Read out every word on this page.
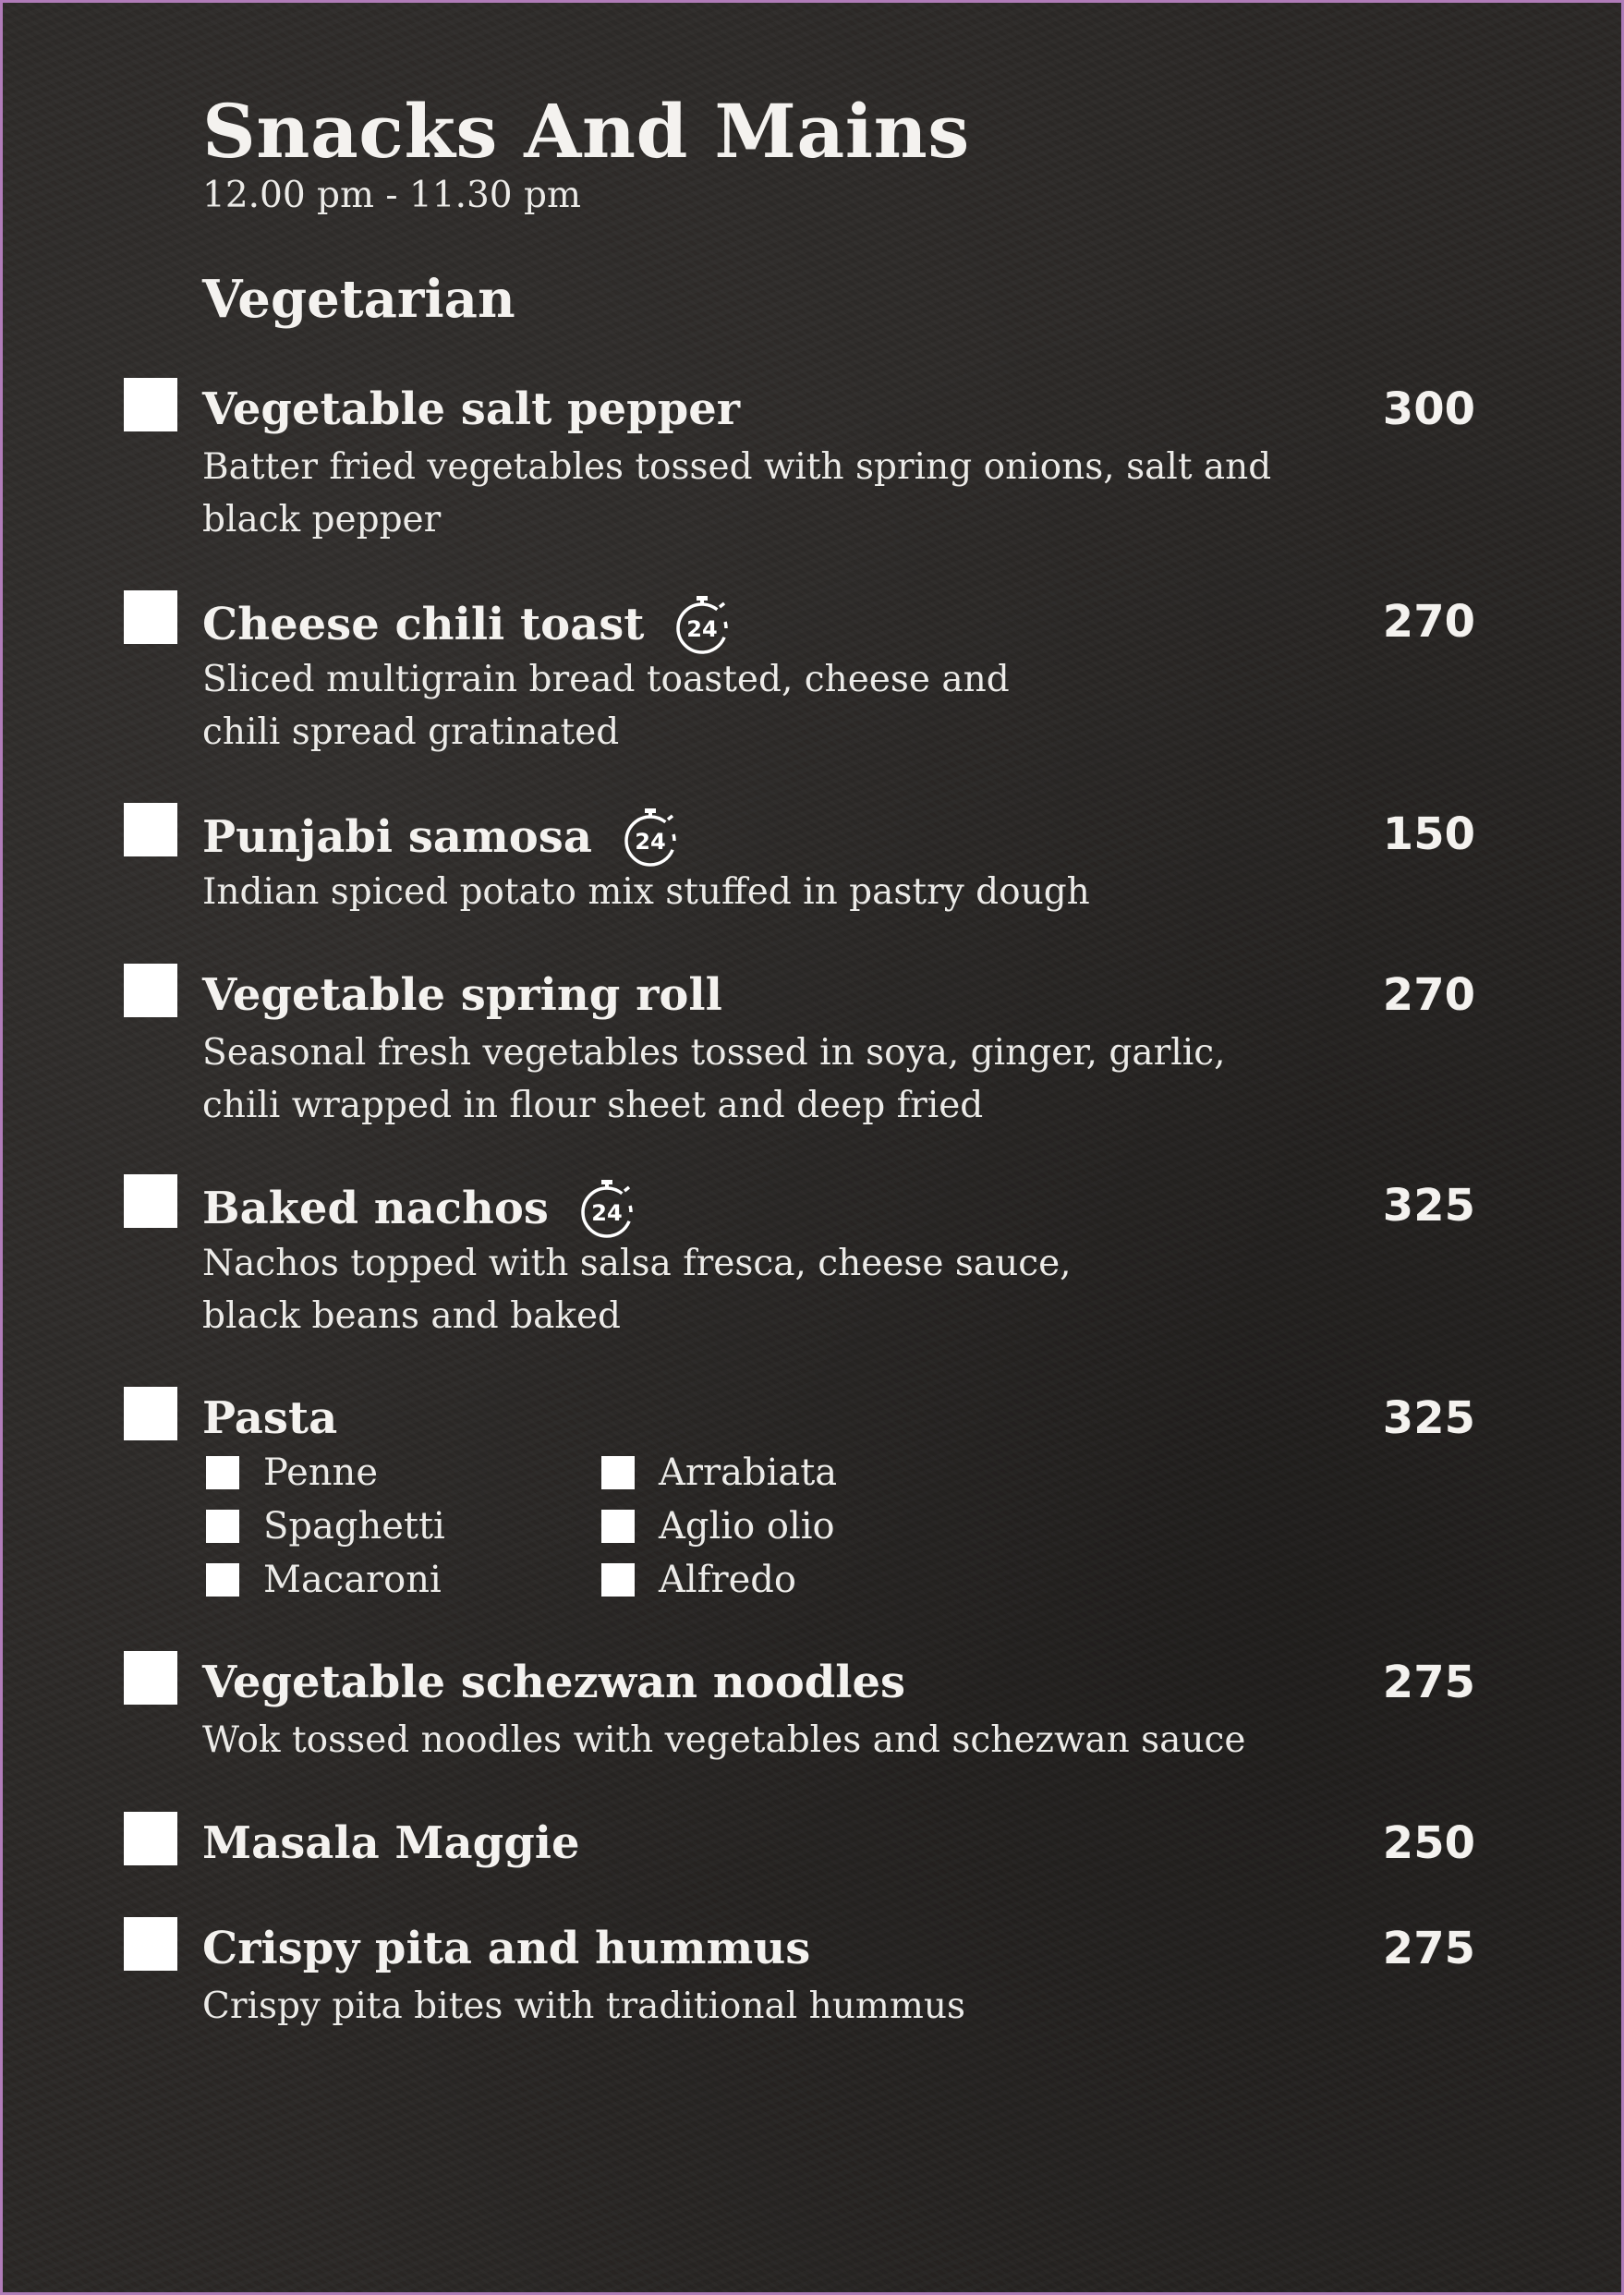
Snacks And Mains
12.00 pm - 11.30 pm
Vegetarian
Vegetable salt pepper	300
Batter fried vegetables tossed with spring onions, salt and black pepper
Cheese chili toast 24	270
Sliced multigrain bread toasted, cheese and chili spread gratinated
Punjabi samosa 24	150
Indian spiced potato mix stuffed in pastry dough
Vegetable spring roll	270
Seasonal fresh vegetables tossed in soya, ginger, garlic, chili wrapped in flour sheet and deep fried
Baked nachos 24	325
Nachos topped with salsa fresca, cheese sauce, black beans and baked
Pasta	325
Penne
Spaghetti
Macaroni
Arrabiata
Aglio olio
Alfredo
Vegetable schezwan noodles	275
Wok tossed noodles with vegetables and schezwan sauce
Masala Maggie	250
Crispy pita and hummus	275
Crispy pita bites with traditional hummus
